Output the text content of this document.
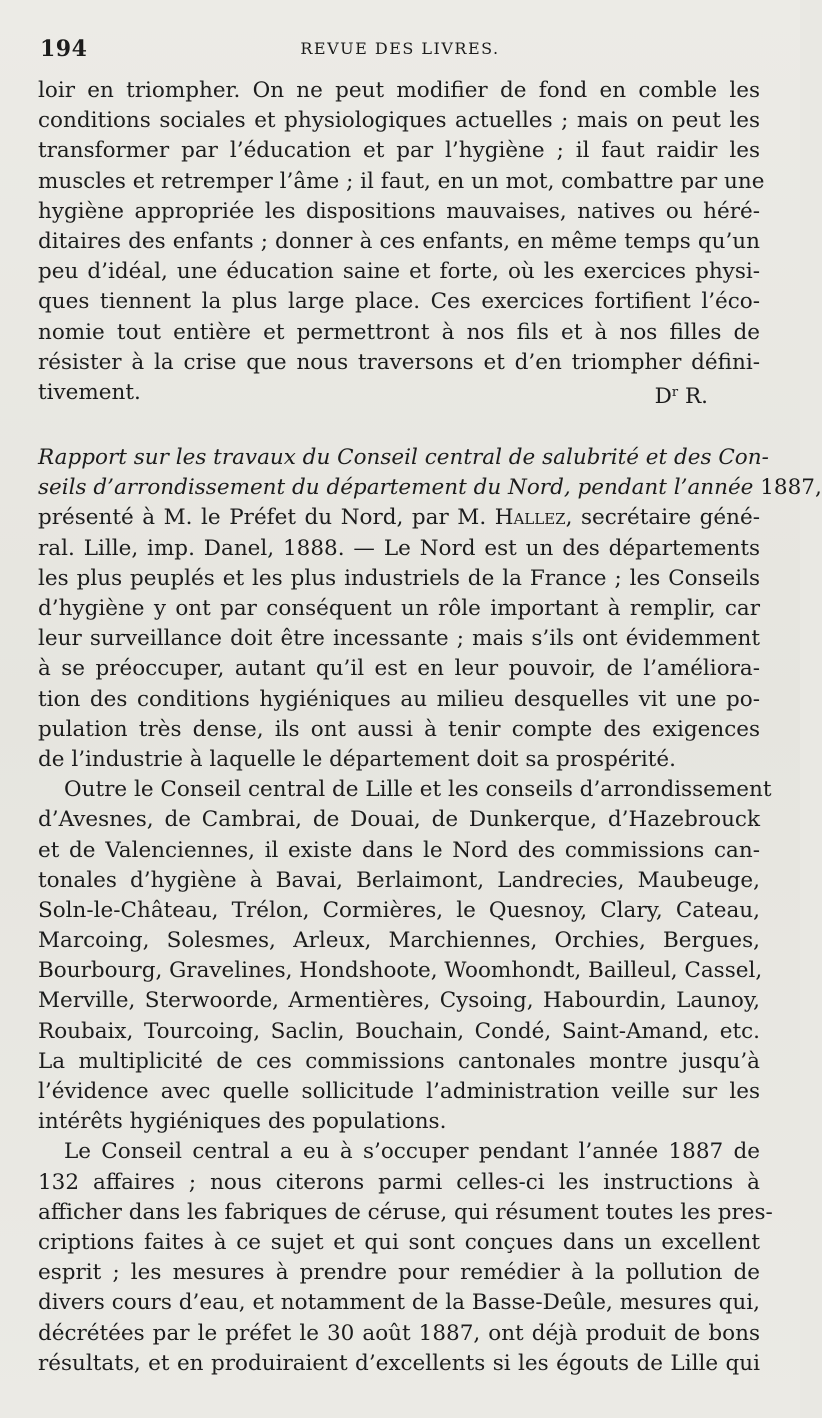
194	REVUE DES LIVRES.
loir en triompher. On ne peut modifier de fond en comble les
conditions sociales et physiologiques actuelles ; mais on peut les
transformer par l’éducation et par l’hygiène ; il faut raidir les
muscles et retremper l’âme ; il faut, en un mot, combattre par une
hygiène appropriée les dispositions mauvaises, natives ou héré-
ditaires des enfants ; donner à ces enfants, en même temps qu’un
peu d’idéal, une éducation saine et forte, où les exercices physi-
ques tiennent la plus large place. Ces exercices fortifient l’éco-
nomie tout entière et permettront à nos fils et à nos filles de
résister à la crise que nous traversons et d’en triompher défini-
tivement.	$D^r$ R.
Rapport sur les travaux du Conseil central de salubrité et des Con-
seils d’arrondissement du département du Nord, pendant l’année 1887,
présenté à M. le Préfet du Nord, par M. Hallez, secrétaire géné-
ral. Lille, imp. Danel, 1888. — Le Nord est un des départements
les plus peuplés et les plus industriels de la France ; les Conseils
d’hygiène y ont par conséquent un rôle important à remplir, car
leur surveillance doit être incessante ; mais s’ils ont évidemment
à se préoccuper, autant qu’il est en leur pouvoir, de l’améliora-
tion des conditions hygiéniques au milieu desquelles vit une po-
pulation très dense, ils ont aussi à tenir compte des exigences
de l’industrie à laquelle le département doit sa prospérité.
Outre le Conseil central de Lille et les conseils d’arrondissement
d’Avesnes, de Cambrai, de Douai, de Dunkerque, d’Hazebrouck
et de Valenciennes, il existe dans le Nord des commissions can-
tonales d’hygiène à Bavai, Berlaimont, Landrecies, Maubeuge,
Soln-le-Château, Trélon, Cormières, le Quesnoy, Clary, Cateau,
Marcoing, Solesmes, Arleux, Marchiennes, Orchies, Bergues,
Bourbourg, Gravelines, Hondshoote, Woomhondt, Bailleul, Cassel,
Merville, Sterwoorde, Armentières, Cysoing, Habourdin, Launoy,
Roubaix, Tourcoing, Saclin, Bouchain, Condé, Saint-Amand, etc.
La multiplicité de ces commissions cantonales montre jusqu’à
l’évidence avec quelle sollicitude l’administration veille sur les
intérêts hygiéniques des populations.
Le Conseil central a eu à s’occuper pendant l’année 1887 de
132 affaires ; nous citerons parmi celles-ci les instructions à
afficher dans les fabriques de céruse, qui résument toutes les pres-
criptions faites à ce sujet et qui sont conçues dans un excellent
esprit ; les mesures à prendre pour remédier à la pollution de
divers cours d’eau, et notamment de la Basse-Deûle, mesures qui,
décrétées par le préfet le 30 août 1887, ont déjà produit de bons
résultats, et en produiraient d’excellents si les égouts de Lille qui
